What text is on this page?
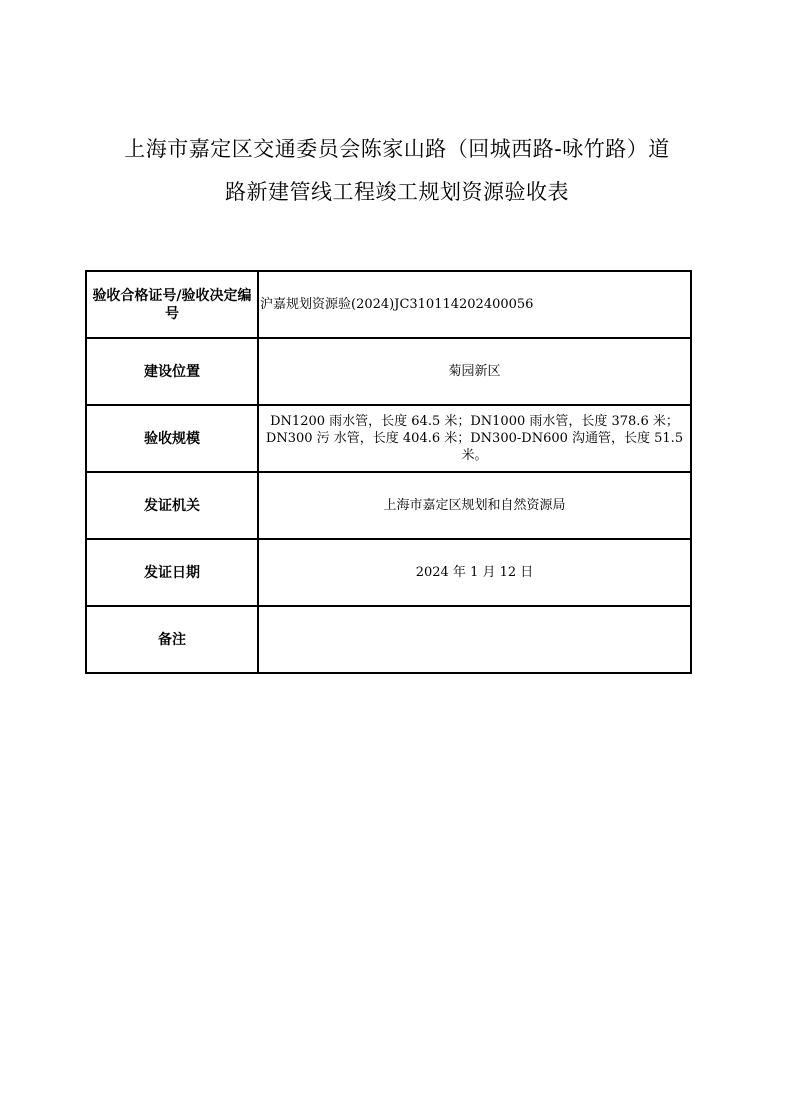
上海市嘉定区交通委员会陈家山路（回城西路-咏竹路）道
路新建管线工程竣工规划资源验收表
验收合格证号/验收决定编号	沪嘉规划资源验(2024)JC310114202400056
建设位置	菊园新区
验收规模	DN1200 雨水管，长度 64.5 米；DN1000 雨水管，长度 378.6 米；DN300 污 水管，长度 404.6 米；DN300-DN600 沟通管，长度 51.5 米。
发证机关	上海市嘉定区规划和自然资源局
发证日期	2024 年 1 月 12 日
备注	
